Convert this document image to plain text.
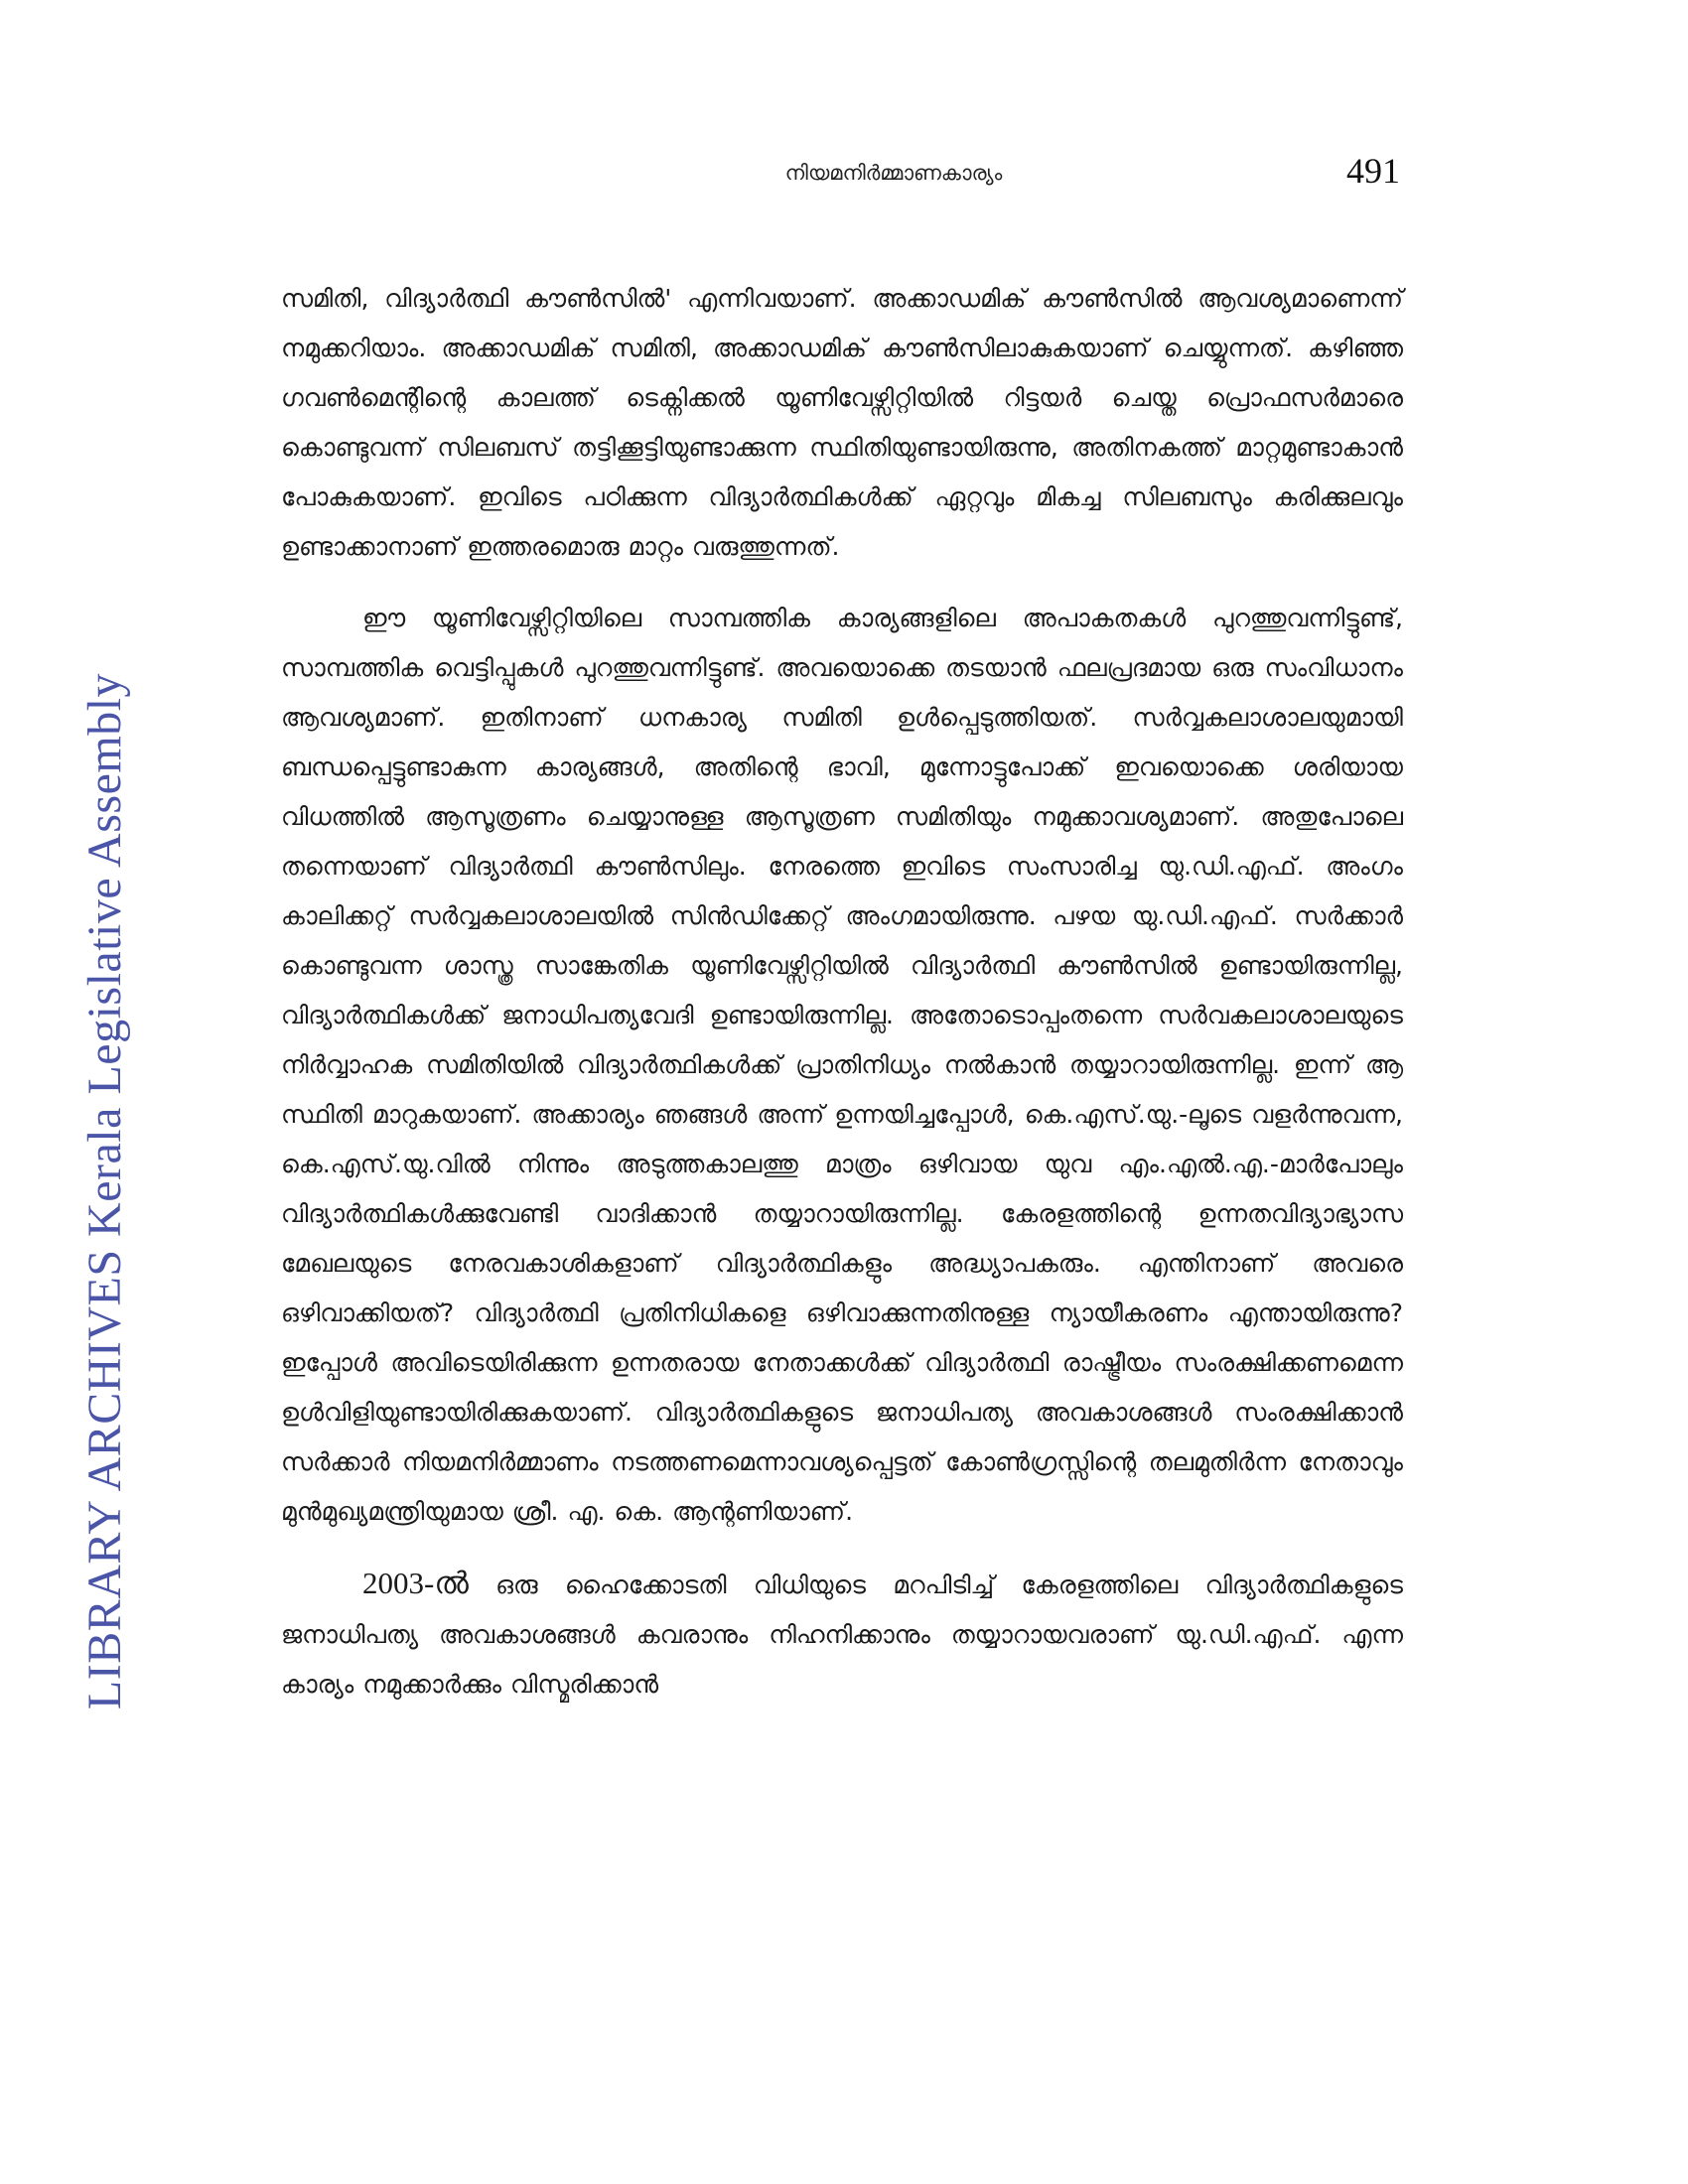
LIBRARY ARCHIVES Kerala Legislative Assembly
നിയമനിർമ്മാണകാര്യം	491

സമിതി, വിദ്യാർത്ഥി കൗൺസിൽ' എന്നിവയാണ്. അക്കാഡമിക് കൗൺസിൽ ആവശ്യമാണെന്ന് നമുക്കറിയാം. അക്കാഡമിക് സമിതി, അക്കാഡമിക് കൗൺസിലാകുകയാണ് ചെയ്യുന്നത്. കഴിഞ്ഞ ഗവൺമെന്റിന്റെ കാലത്ത് ടെക്നിക്കൽ യൂണിവേഴ്സിറ്റിയിൽ റിട്ടയർ ചെയ്ത പ്രൊഫസർമാരെ കൊണ്ടുവന്ന് സിലബസ് തട്ടിക്കൂട്ടിയുണ്ടാക്കുന്ന സ്ഥിതിയുണ്ടായിരുന്നു, അതിനകത്ത് മാറ്റമുണ്ടാകാൻ പോകുകയാണ്. ഇവിടെ പഠിക്കുന്ന വിദ്യാർത്ഥികൾക്ക് ഏറ്റവും മികച്ച സിലബസും കരിക്കുലവും ഉണ്ടാക്കാനാണ് ഇത്തരമൊരു മാറ്റം വരുത്തുന്നത്.

ഈ യൂണിവേഴ്സിറ്റിയിലെ സാമ്പത്തിക കാര്യങ്ങളിലെ അപാകതകൾ പുറത്തുവന്നിട്ടുണ്ട്, സാമ്പത്തിക വെട്ടിപ്പുകൾ പുറത്തുവന്നിട്ടുണ്ട്. അവയൊക്കെ തടയാൻ ഫലപ്രദമായ ഒരു സംവിധാനം ആവശ്യമാണ്. ഇതിനാണ് ധനകാര്യ സമിതി ഉൾപ്പെടുത്തിയത്. സർവ്വകലാശാലയുമായി ബന്ധപ്പെട്ടുണ്ടാകുന്ന കാര്യങ്ങൾ, അതിന്റെ ഭാവി, മുന്നോട്ടുപോക്ക് ഇവയൊക്കെ ശരിയായ വിധത്തിൽ ആസൂത്രണം ചെയ്യാനുള്ള ആസൂത്രണ സമിതിയും നമുക്കാവശ്യമാണ്. അതുപോലെ തന്നെയാണ് വിദ്യാർത്ഥി കൗൺസിലും. നേരത്തെ ഇവിടെ സംസാരിച്ച യു.ഡി.എഫ്. അംഗം കാലിക്കറ്റ് സർവ്വകലാശാലയിൽ സിൻഡിക്കേറ്റ് അംഗമായിരുന്നു. പഴയ യു.ഡി.എഫ്. സർക്കാർ കൊണ്ടുവന്ന ശാസ്ത്ര സാങ്കേതിക യൂണിവേഴ്സിറ്റിയിൽ വിദ്യാർത്ഥി കൗൺസിൽ ഉണ്ടായിരുന്നില്ല, വിദ്യാർത്ഥികൾക്ക് ജനാധിപത്യവേദി ഉണ്ടായിരുന്നില്ല. അതോടൊപ്പംതന്നെ സർവകലാശാലയുടെ നിർവ്വാഹക സമിതിയിൽ വിദ്യാർത്ഥികൾക്ക് പ്രാതിനിധ്യം നൽകാൻ തയ്യാറായിരുന്നില്ല. ഇന്ന് ആ സ്ഥിതി മാറുകയാണ്. അക്കാര്യം ഞങ്ങൾ അന്ന് ഉന്നയിച്ചപ്പോൾ, കെ.എസ്.യു.-ലൂടെ വളർന്നുവന്ന, കെ.എസ്.യു.വിൽ നിന്നും അടുത്തകാലത്തു മാത്രം ഒഴിവായ യുവ എം.എൽ.എ.-മാർപോലും വിദ്യാർത്ഥികൾക്കുവേണ്ടി വാദിക്കാൻ തയ്യാറായിരുന്നില്ല. കേരളത്തിന്റെ ഉന്നതവിദ്യാഭ്യാസ മേഖലയുടെ നേരവകാശികളാണ് വിദ്യാർത്ഥികളും അദ്ധ്യാപകരും. എന്തിനാണ് അവരെ ഒഴിവാക്കിയത്? വിദ്യാർത്ഥി പ്രതിനിധികളെ ഒഴിവാക്കുന്നതിനുള്ള ന്യായീകരണം എന്തായിരുന്നു? ഇപ്പോൾ അവിടെയിരിക്കുന്ന ഉന്നതരായ നേതാക്കൾക്ക് വിദ്യാർത്ഥി രാഷ്ട്രീയം സംരക്ഷിക്കണമെന്ന ഉൾവിളിയുണ്ടായിരിക്കുകയാണ്. വിദ്യാർത്ഥികളുടെ ജനാധിപത്യ അവകാശങ്ങൾ സംരക്ഷിക്കാൻ സർക്കാർ നിയമനിർമ്മാണം നടത്തണമെന്നാവശ്യപ്പെട്ടത് കോൺഗ്രസ്സിന്റെ തലമുതിർന്ന നേതാവും മുൻമുഖ്യമന്ത്രിയുമായ ശ്രീ. എ. കെ. ആന്റണിയാണ്.

2003-ൽ ഒരു ഹൈക്കോടതി വിധിയുടെ മറപിടിച്ച് കേരളത്തിലെ വിദ്യാർത്ഥികളുടെ ജനാധിപത്യ അവകാശങ്ങൾ കവരാനും നിഹനിക്കാനും തയ്യാറായവരാണ് യു.ഡി.എഫ്. എന്ന കാര്യം നമുക്കാർക്കും വിസ്മരിക്കാൻ
